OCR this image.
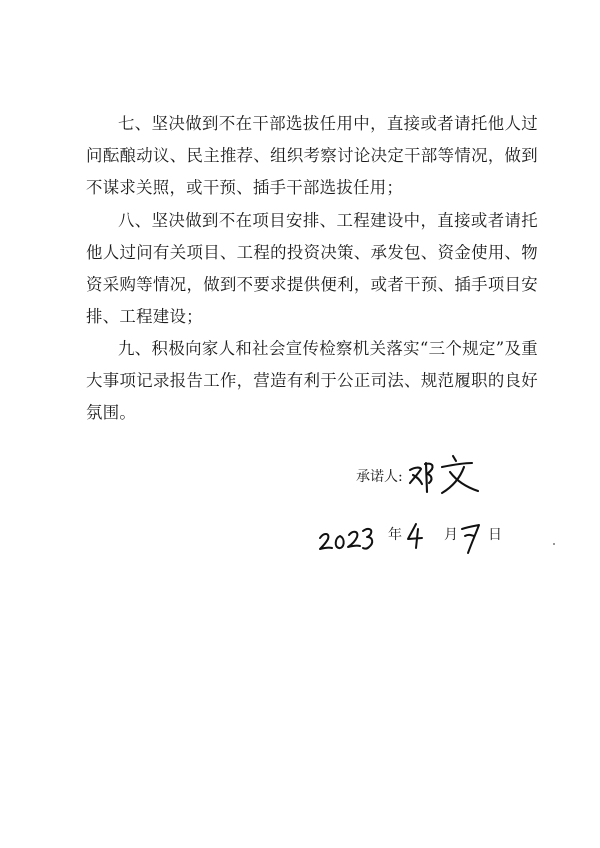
七、坚决做到不在干部选拔任用中，直接或者请托他人过问酝酿动议、民主推荐、组织考察讨论决定干部等情况，做到不谋求关照，或干预、插手干部选拔任用；

八、坚决做到不在项目安排、工程建设中，直接或者请托他人过问有关项目、工程的投资决策、承发包、资金使用、物资采购等情况，做到不要求提供便利，或者干预、插手项目安排、工程建设；

九、积极向家人和社会宣传检察机关落实“三个规定”及重大事项记录报告工作，营造有利于公正司法、规范履职的良好氛围。

承诺人:
年	月 日
